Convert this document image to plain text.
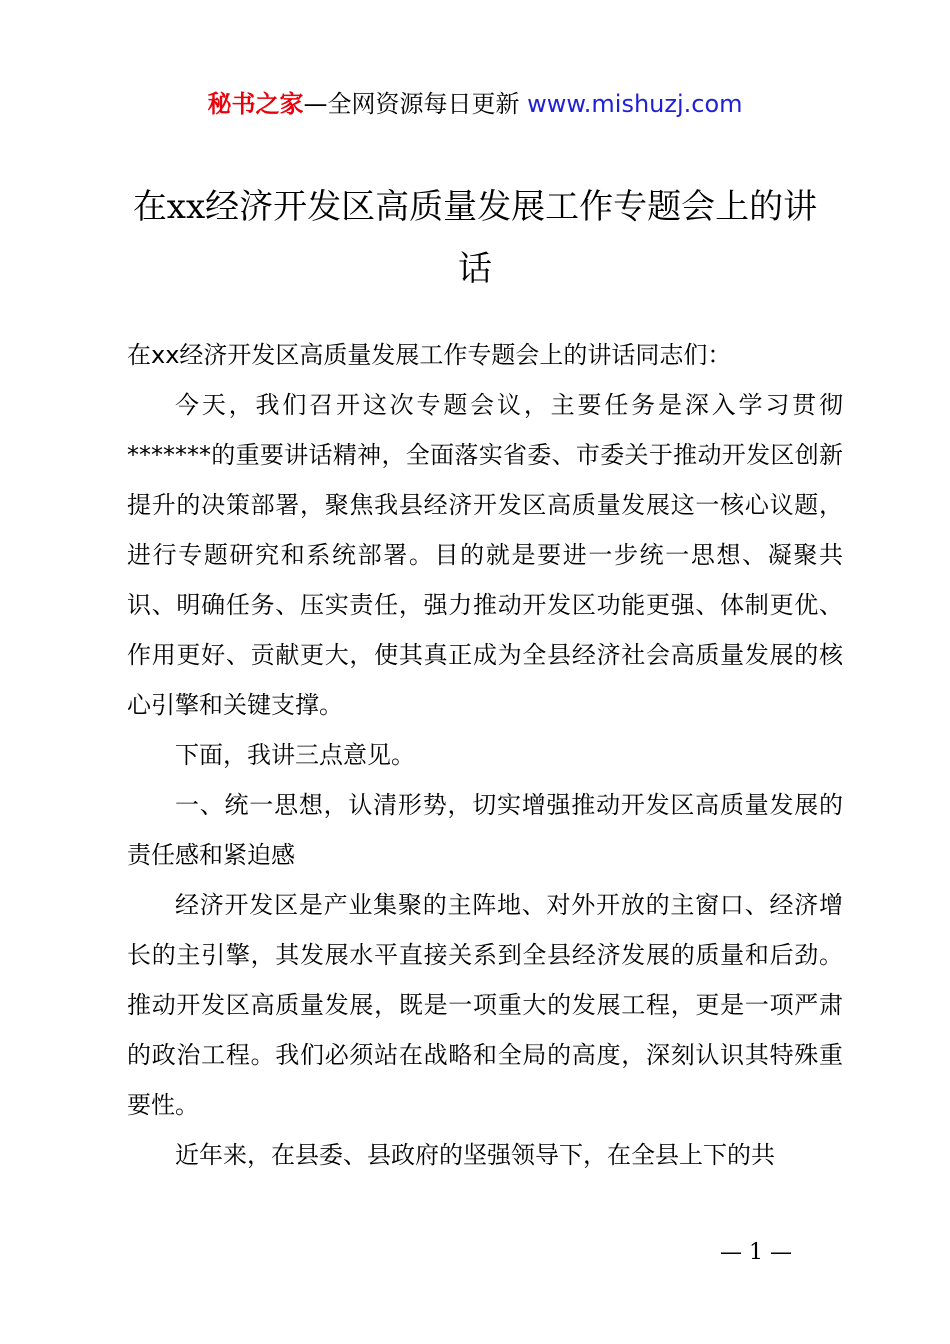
秘书之家—全网资源每日更新 www.mishuzj.com
在xx经济开发区高质量发展工作专题会上的讲话

在xx经济开发区高质量发展工作专题会上的讲话同志们：

今天，我们召开这次专题会议，主要任务是深入学习贯彻*******的重要讲话精神，全面落实省委、市委关于推动开发区创新提升的决策部署，聚焦我县经济开发区高质量发展这一核心议题，进行专题研究和系统部署。目的就是要进一步统一思想、凝聚共识、明确任务、压实责任，强力推动开发区功能更强、体制更优、作用更好、贡献更大，使其真正成为全县经济社会高质量发展的核心引擎和关键支撑。

下面，我讲三点意见。

一、统一思想，认清形势，切实增强推动开发区高质量发展的责任感和紧迫感

经济开发区是产业集聚的主阵地、对外开放的主窗口、经济增长的主引擎，其发展水平直接关系到全县经济发展的质量和后劲。推动开发区高质量发展，既是一项重大的发展工程，更是一项严肃的政治工程。我们必须站在战略和全局的高度，深刻认识其特殊重要性。

近年来，在县委、县政府的坚强领导下，在全县上下的共

— 1 —
